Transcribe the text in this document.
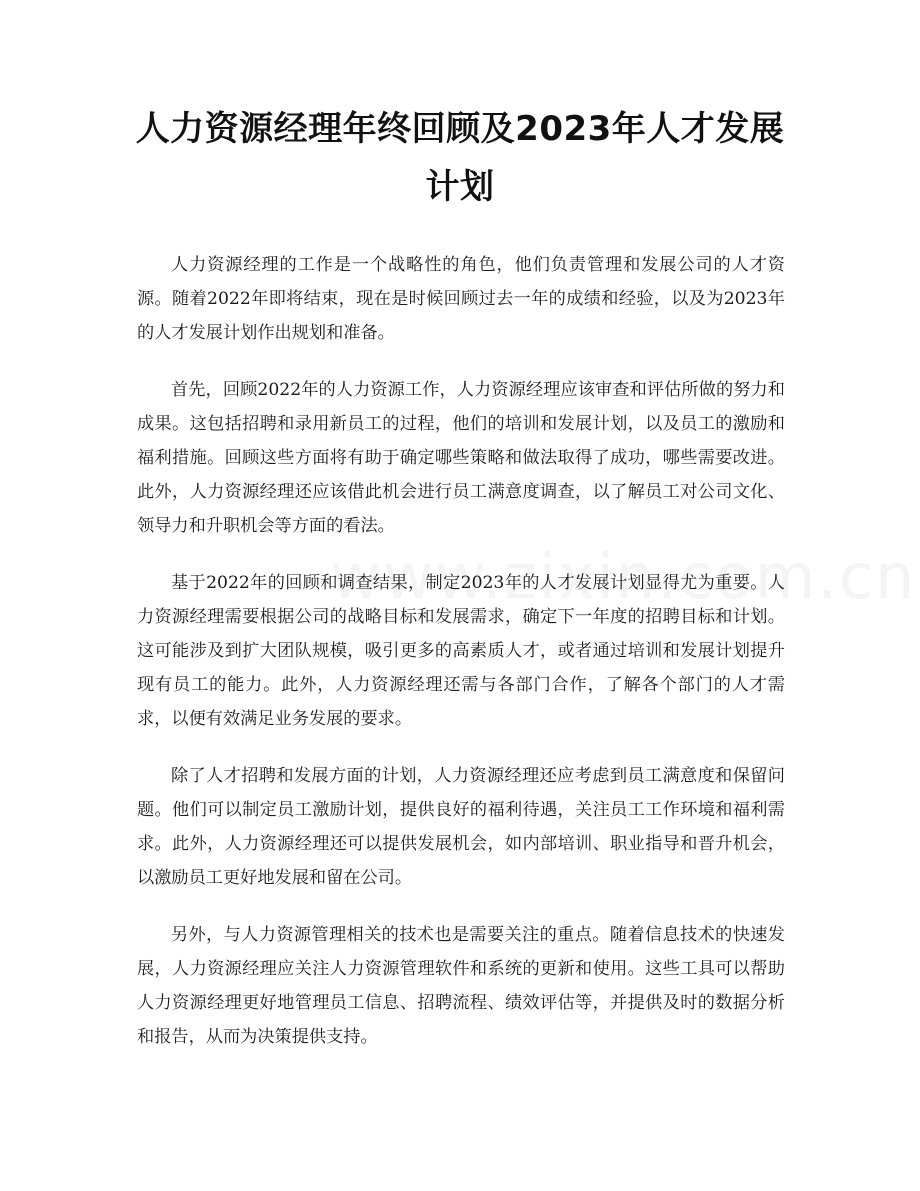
人力资源经理年终回顾及2023年人才发展计划

人力资源经理的工作是一个战略性的角色，他们负责管理和发展公司的人才资源。随着2022年即将结束，现在是时候回顾过去一年的成绩和经验，以及为2023年的人才发展计划作出规划和准备。

首先，回顾2022年的人力资源工作，人力资源经理应该审查和评估所做的努力和成果。这包括招聘和录用新员工的过程，他们的培训和发展计划，以及员工的激励和福利措施。回顾这些方面将有助于确定哪些策略和做法取得了成功，哪些需要改进。此外，人力资源经理还应该借此机会进行员工满意度调查，以了解员工对公司文化、领导力和升职机会等方面的看法。

基于2022年的回顾和调查结果，制定2023年的人才发展计划显得尤为重要。人力资源经理需要根据公司的战略目标和发展需求，确定下一年度的招聘目标和计划。这可能涉及到扩大团队规模，吸引更多的高素质人才，或者通过培训和发展计划提升现有员工的能力。此外，人力资源经理还需与各部门合作，了解各个部门的人才需求，以便有效满足业务发展的要求。

除了人才招聘和发展方面的计划，人力资源经理还应考虑到员工满意度和保留问题。他们可以制定员工激励计划，提供良好的福利待遇，关注员工工作环境和福利需求。此外，人力资源经理还可以提供发展机会，如内部培训、职业指导和晋升机会，以激励员工更好地发展和留在公司。

另外，与人力资源管理相关的技术也是需要关注的重点。随着信息技术的快速发展，人力资源经理应关注人力资源管理软件和系统的更新和使用。这些工具可以帮助人力资源经理更好地管理员工信息、招聘流程、绩效评估等，并提供及时的数据分析和报告，从而为决策提供支持。
